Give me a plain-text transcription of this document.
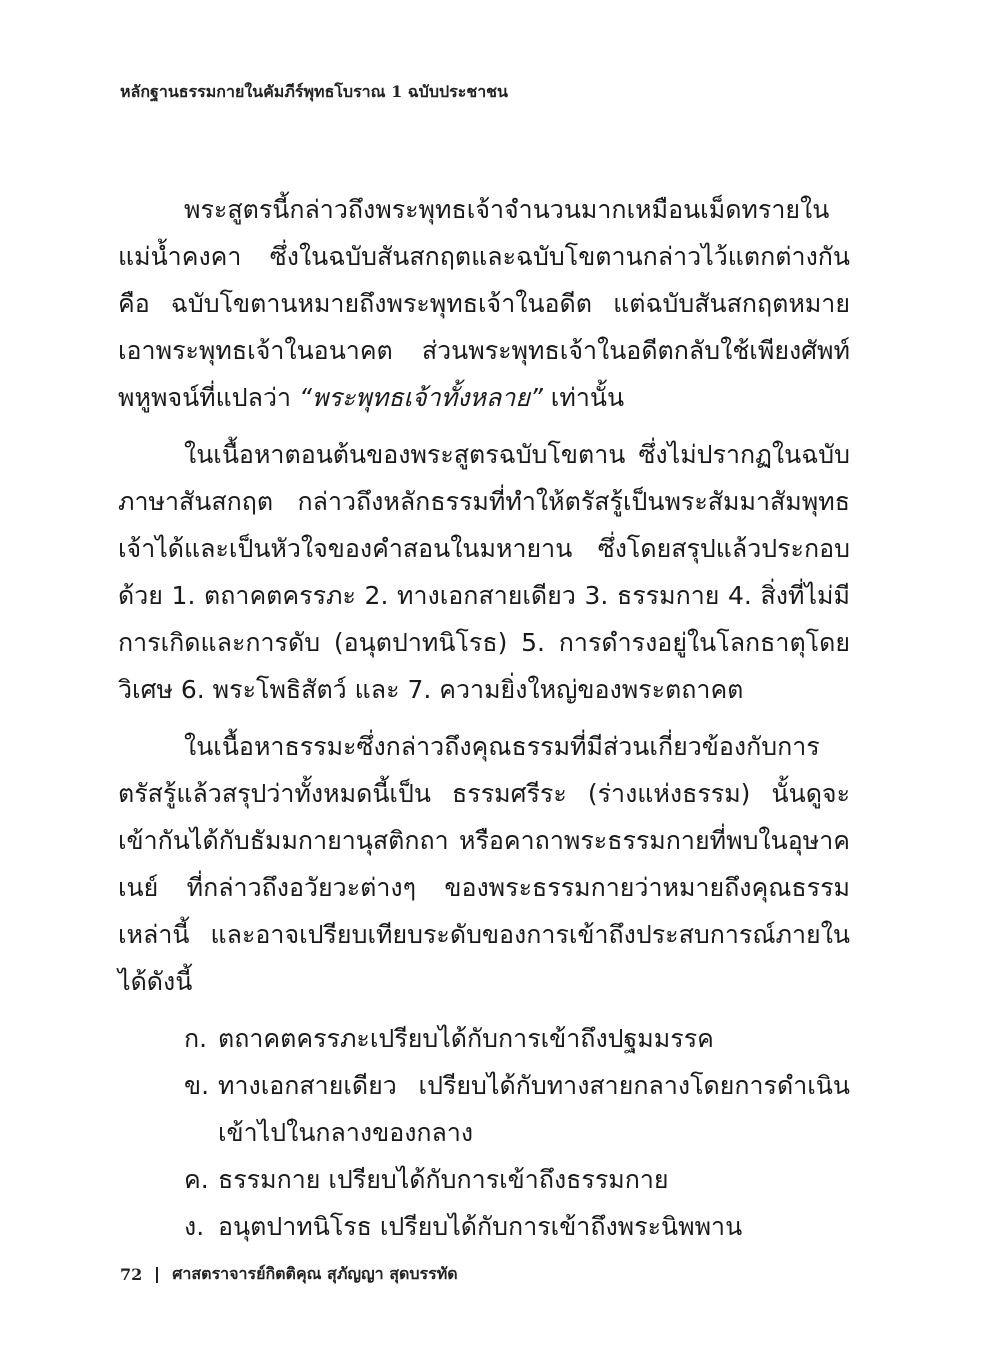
หลักฐานธรรมกายในคัมภีร์พุทธโบราณ 1 ฉบับประชาชน

พระสูตรนี้กล่าวถึงพระพุทธเจ้าจำนวนมากเหมือนเม็ดทรายในแม่น้ำคงคา ซึ่งในฉบับสันสกฤตและฉบับโขตานกล่าวไว้แตกต่างกัน คือ ฉบับโขตานหมายถึงพระพุทธเจ้าในอดีต แต่ฉบับสันสกฤตหมายเอาพระพุทธเจ้าในอนาคต ส่วนพระพุทธเจ้าในอดีตกลับใช้เพียงศัพท์พหูพจน์ที่แปลว่า “พระพุทธเจ้าทั้งหลาย” เท่านั้น

ในเนื้อหาตอนต้นของพระสูตรฉบับโขตาน ซึ่งไม่ปรากฏในฉบับภาษาสันสกฤต กล่าวถึงหลักธรรมที่ทำให้ตรัสรู้เป็นพระสัมมาสัมพุทธเจ้าได้และเป็นหัวใจของคำสอนในมหายาน ซึ่งโดยสรุปแล้วประกอบด้วย 1. ตถาคตครรภะ 2. ทางเอกสายเดียว 3. ธรรมกาย 4. สิ่งที่ไม่มีการเกิดและการดับ (อนุตปาทนิโรธ) 5. การดำรงอยู่ในโลกธาตุโดยวิเศษ 6. พระโพธิสัตว์ และ 7. ความยิ่งใหญ่ของพระตถาคต

ในเนื้อหาธรรมะซึ่งกล่าวถึงคุณธรรมที่มีส่วนเกี่ยวข้องกับการตรัสรู้แล้วสรุปว่าทั้งหมดนี้เป็น ธรรมศรีระ (ร่างแห่งธรรม) นั้นดูจะเข้ากันได้กับธัมมกายานุสติกถา หรือคาถาพระธรรมกายที่พบในอุษาคเนย์ ที่กล่าวถึงอวัยวะต่างๆ ของพระธรรมกายว่าหมายถึงคุณธรรมเหล่านี้ และอาจเปรียบเทียบระดับของการเข้าถึงประสบการณ์ภายในได้ดังนี้

ก. ตถาคตครรภะเปรียบได้กับการเข้าถึงปฐมมรรค
ข. ทางเอกสายเดียว เปรียบได้กับทางสายกลางโดยการดำเนินเข้าไปในกลางของกลาง
ค. ธรรมกาย เปรียบได้กับการเข้าถึงธรรมกาย
ง. อนุตปาทนิโรธ เปรียบได้กับการเข้าถึงพระนิพพาน
72 ศาสตราจารย์กิตติคุณ สุภัญญา สุดบรรทัด
